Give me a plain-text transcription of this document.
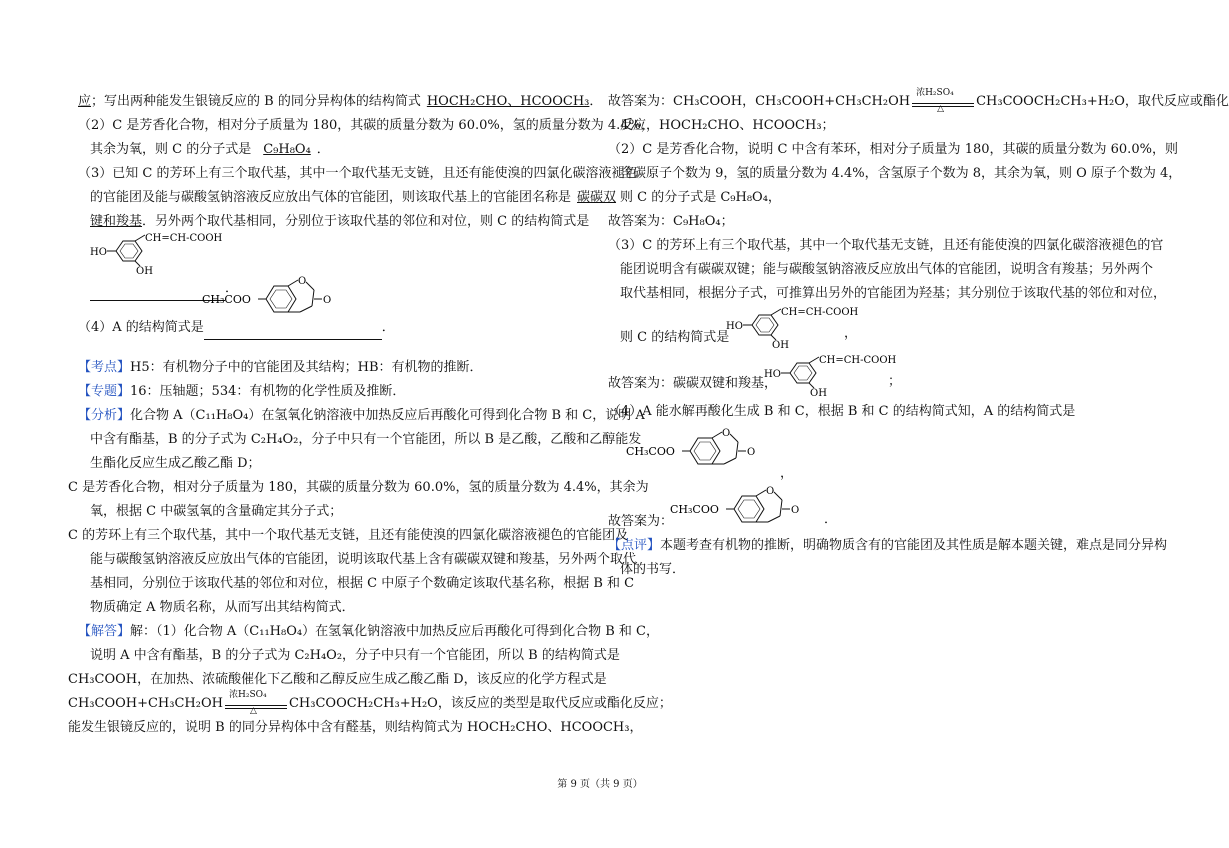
应；写出两种能发生银镜反应的 B 的同分异构体的结构简式 HOCH₂CHO、HCOOCH₃．
（2）C 是芳香化合物，相对分子质量为 180，其碳的质量分数为 60.0%，氢的质量分数为 4.4%，
其余为氧，则 C 的分子式是 C₉H₈O₄ ．
（3）已知 C 的芳环上有三个取代基，其中一个取代基无支链，且还有能使溴的四氯化碳溶液褪色
的官能团及能与碳酸氢钠溶液反应放出气体的官能团，则该取代基上的官能团名称是 碳碳双
键和羧基．另外两个取代基相同，分别位于该取代基的邻位和对位，则 C 的结构简式是
．
（4）A 的结构简式是	．
【考点】H5：有机物分子中的官能团及其结构；HB：有机物的推断．
【专题】16：压轴题；534：有机物的化学性质及推断．
【分析】化合物 A（C₁₁H₈O₄）在氢氧化钠溶液中加热反应后再酸化可得到化合物 B 和 C，说明 A
中含有酯基，B 的分子式为 C₂H₄O₂，分子中只有一个官能团，所以 B 是乙酸，乙酸和乙醇能发
生酯化反应生成乙酸乙酯 D；
C 是芳香化合物，相对分子质量为 180，其碳的质量分数为 60.0%，氢的质量分数为 4.4%，其余为
氧，根据 C 中碳氢氧的含量确定其分子式；
C 的芳环上有三个取代基，其中一个取代基无支链，且还有能使溴的四氯化碳溶液褪色的官能团及
能与碳酸氢钠溶液反应放出气体的官能团，说明该取代基上含有碳碳双键和羧基，另外两个取代
基相同，分别位于该取代基的邻位和对位，根据 C 中原子个数确定该取代基名称，根据 B 和 C
物质确定 A 物质名称，从而写出其结构简式．
【解答】解：（1）化合物 A（C₁₁H₈O₄）在氢氧化钠溶液中加热反应后再酸化可得到化合物 B 和 C，
说明 A 中含有酯基，B 的分子式为 C₂H₄O₂，分子中只有一个官能团，所以 B 的结构简式是
CH₃COOH，在加热、浓硫酸催化下乙酸和乙醇反应生成乙酸乙酯 D，该反应的化学方程式是
CH₃COOH+CH₃CH₂OH
浓H₂SO₄
△ CH₃COOCH₂CH₃+H₂O，该反应的类型是取代反应或酯化反应；
能发生银镜反应的，说明 B 的同分异构体中含有醛基，则结构简式为 HOCH₂CHO、HCOOCH₃，
故答案为：CH₃COOH，CH₃COOH+CH₃CH₂OH
浓H₂SO₄
△ CH₃COOCH₂CH₃+H₂O，取代反应或酯化
反应，HOCH₂CHO、HCOOCH₃；
（2）C 是芳香化合物，说明 C 中含有苯环，相对分子质量为 180，其碳的质量分数为 60.0%，则
含碳原子个数为 9，氢的质量分数为 4.4%，含氢原子个数为 8，其余为氧，则 O 原子个数为 4，
则 C 的分子式是 C₉H₈O₄，
故答案为：C₉H₈O₄；
（3）C 的芳环上有三个取代基，其中一个取代基无支链，且还有能使溴的四氯化碳溶液褪色的官
能团说明含有碳碳双键；能与碳酸氢钠溶液反应放出气体的官能团，说明含有羧基；另外两个
取代基相同，根据分子式，可推算出另外的官能团为羟基；其分别位于该取代基的邻位和对位，
则 C 的结构简式是	，
故答案为：碳碳双键和羧基，	；
（4）A 能水解再酸化生成 B 和 C，根据 B 和 C 的结构简式知，A 的结构简式是
，
故答案为：	．
【点评】本题考查有机物的推断，明确物质含有的官能团及其性质是解本题关键，难点是同分异构
体的书写．
第 9 页（共 9 页）
